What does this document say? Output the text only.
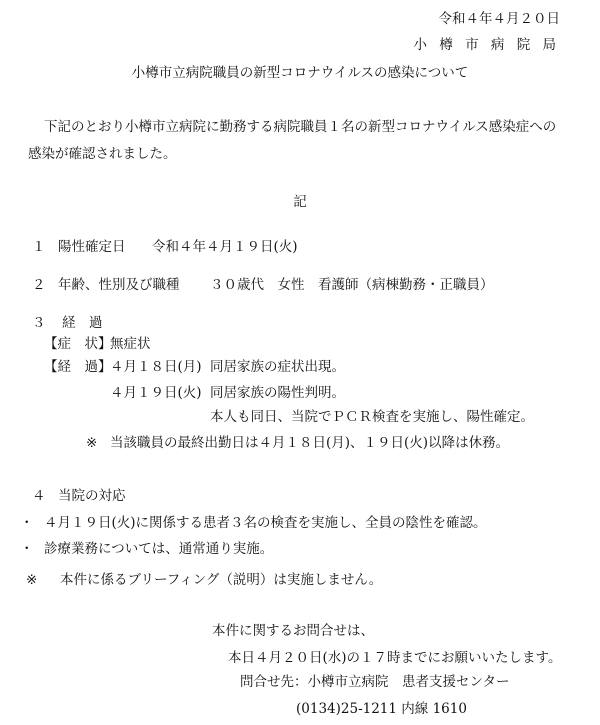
令和４年４月２０日
小 樽 市 病 院 局
小樽市立病院職員の新型コロナウイルスの感染について
下記のとおり小樽市立病院に勤務する病院職員１名の新型コロナウイルス感染症への
感染が確認されました。
記
１ 陽性確定日 令和４年４月１９日(火)
２ 年齢、性別及び職種 ３０歳代　女性　看護師（病棟勤務・正職員）
３ 経　過
【症　状】
無症状
【経　過】
４月１８日(月) 同居家族の症状出現。
４月１９日(火) 同居家族の陽性判明。
本人も同日、当院でＰＣＲ検査を実施し、陽性確定。
※ 当該職員の最終出勤日は４月１８日(月)、１９日(火)以降は休務。
４ 当院の対応
・ ４月１９日(火)に関係する患者３名の検査を実施し、全員の陰性を確認。
・ 診療業務については、通常通り実施。
※ 本件に係るブリーフィング（説明）は実施しません。
本件に関するお問合せは、
本日４月２０日(水)の１７時までにお願いいたします。
問合せ先：小樽市立病院　患者支援センター
(0134)25-1211 内線 1610
